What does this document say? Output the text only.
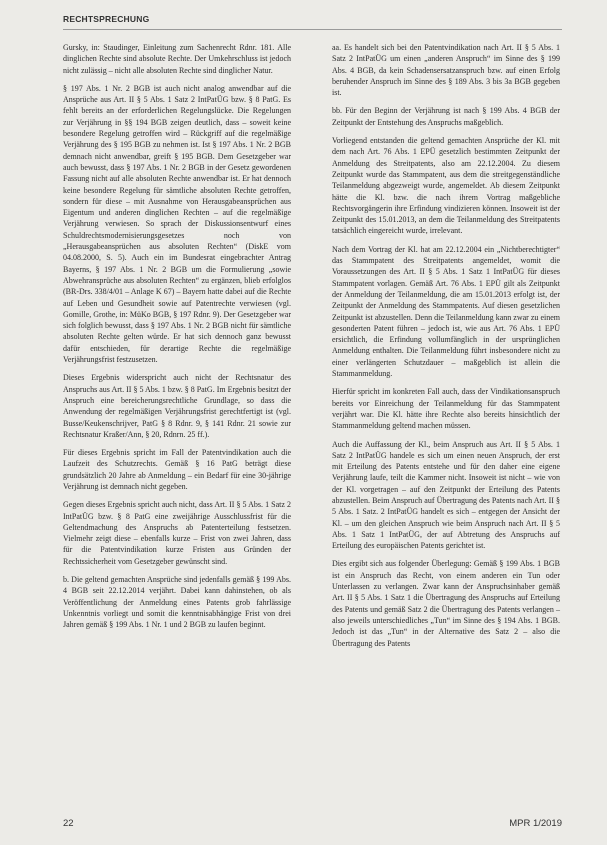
RECHTSPRECHUNG

Gursky, in: Staudinger, Einleitung zum Sachenrecht Rdnr. 181. Alle dinglichen Rechte sind absolute Rechte. Der Umkehrschluss ist jedoch nicht zulässig – nicht alle absoluten Rechte sind dinglicher Natur.

§ 197 Abs. 1 Nr. 2 BGB ist auch nicht analog anwendbar auf die Ansprüche aus Art. II § 5 Abs. 1 Satz 2 IntPatÜG bzw. § 8 PatG. Es fehlt bereits an der erforderlichen Regelungslücke. Die Regelungen zur Verjährung in §§ 194 BGB zeigen deutlich, dass – soweit keine besondere Regelung getroffen wird – Rückgriff auf die regelmäßige Verjährung des § 195 BGB zu nehmen ist. Ist § 197 Abs. 1 Nr. 2 BGB demnach nicht anwendbar, greift § 195 BGB. Dem Gesetzgeber war auch bewusst, dass § 197 Abs. 1 Nr. 2 BGB in der Gesetz gewordenen Fassung nicht auf alle absoluten Rechte anwendbar ist. Er hat dennoch keine besondere Regelung für sämtliche absoluten Rechte getroffen, sondern für diese – mit Ausnahme von Herausgabeansprüchen aus Eigentum und anderen dinglichen Rechten – auf die regelmäßige Verjährung verwiesen. So sprach der Diskussionsentwurf eines Schuldrechtsmodernisierungsgesetzes noch von „Herausgabeansprüchen aus absoluten Rechten“ (DiskE vom 04.08.2000, S. 5). Auch ein im Bundesrat eingebrachter Antrag Bayerns, § 197 Abs. 1 Nr. 2 BGB um die Formulierung „sowie Abwehransprüche aus absoluten Rechten“ zu ergänzen, blieb erfolglos (BR-Drs. 338/4/01 – Anlage K 67) – Bayern hatte dabei auf die Rechte auf Leben und Gesundheit sowie auf Patentrechte verwiesen (vgl. Gomille, Grothe, in: MüKo BGB, § 197 Rdnr. 9). Der Gesetzgeber war sich folglich bewusst, dass § 197 Abs. 1 Nr. 2 BGB nicht für sämtliche absoluten Rechte gelten würde. Er hat sich dennoch ganz bewusst dafür entschieden, für derartige Rechte die regelmäßige Verjährungsfrist festzusetzen.

Dieses Ergebnis widerspricht auch nicht der Rechtsnatur des Anspruchs aus Art. II § 5 Abs. 1 bzw. § 8 PatG. Im Ergebnis besitzt der Anspruch eine bereicherungsrechtliche Grundlage, so dass die Anwendung der regelmäßigen Verjährungsfrist gerechtfertigt ist (vgl. Busse/Keukenschrijver, PatG § 8 Rdnr. 9, § 141 Rdnr. 21 sowie zur Rechtsnatur Kraßer/Ann, § 20, Rdnrn. 25 ff.).

Für dieses Ergebnis spricht im Fall der Patentvindikation auch die Laufzeit des Schutzrechts. Gemäß § 16 PatG beträgt diese grundsätzlich 20 Jahre ab Anmeldung – ein Bedarf für eine 30-jährige Verjährung ist demnach nicht gegeben.

Gegen dieses Ergebnis spricht auch nicht, dass Art. II § 5 Abs. 1 Satz 2 IntPatÜG bzw. § 8 PatG eine zweijährige Ausschlussfrist für die Geltendmachung des Anspruchs ab Patenterteilung festsetzen. Vielmehr zeigt diese – ebenfalls kurze – Frist von zwei Jahren, dass für die Patentvindikation kurze Fristen aus Gründen der Rechtssicherheit vom Gesetzgeber gewünscht sind.

b. Die geltend gemachten Ansprüche sind jedenfalls gemäß § 199 Abs. 4 BGB seit 22.12.2014 verjährt. Dabei kann dahinstehen, ob als Veröffentlichung der Anmeldung eines Patents grob fahrlässige Unkenntnis vorliegt und somit die kenntnisabhängige Frist von drei Jahren gemäß § 199 Abs. 1 Nr. 1 und 2 BGB zu laufen beginnt.

aa. Es handelt sich bei den Patentvindikation nach Art. II § 5 Abs. 1 Satz 2 IntPatÜG um einen „anderen Anspruch“ im Sinne des § 199 Abs. 4 BGB, da kein Schadensersatzanspruch bzw. auf einen Erfolg beruhender Anspruch im Sinne des § 189 Abs. 3 bis 3a BGB gegeben ist.

bb. Für den Beginn der Verjährung ist nach § 199 Abs. 4 BGB der Zeitpunkt der Entstehung des Anspruchs maßgeblich.

Vorliegend entstanden die geltend gemachten Ansprüche der Kl. mit dem nach Art. 76 Abs. 1 EPÜ gesetzlich bestimmten Zeitpunkt der Anmeldung des Streitpatents, also am 22.12.2004. Zu diesem Zeitpunkt wurde das Stammpatent, aus dem die streitgegenständliche Teilanmeldung abgezweigt wurde, angemeldet. Ab diesem Zeitpunkt hätte die Kl. bzw. die nach ihrem Vortrag maßgebliche Rechtsvorgängerin ihre Erfindung vindizieren können. Insoweit ist der Zeitpunkt des 15.01.2013, an dem die Teilanmeldung des Streitpatents tatsächlich eingereicht wurde, irrelevant.

Nach dem Vortrag der Kl. hat am 22.12.2004 ein „Nichtberechtigter“ das Stammpatent des Streitpatents angemeldet, womit die Voraussetzungen des Art. II § 5 Abs. 1 Satz 1 IntPatÜG für dieses Stammpatent vorlagen. Gemäß Art. 76 Abs. 1 EPÜ gilt als Zeitpunkt der Anmeldung der Teilanmeldung, die am 15.01.2013 erfolgt ist, der Zeitpunkt der Anmeldung des Stammpatents. Auf diesen gesetzlichen Zeitpunkt ist abzustellen. Denn die Teilanmeldung kann zwar zu einem gesonderten Patent führen – jedoch ist, wie aus Art. 76 Abs. 1 EPÜ ersichtlich, die Erfindung vollumfänglich in der ursprünglichen Anmeldung enthalten. Die Teilanmeldung führt insbesondere nicht zu einer verlängerten Schutzdauer – maßgeblich ist allein die Stammanmeldung.

Hierfür spricht im konkreten Fall auch, dass der Vindikationsanspruch bereits vor Einreichung der Teilanmeldung für das Stammpatent verjährt war. Die Kl. hätte ihre Rechte also bereits hinsichtlich der Stammanmeldung geltend machen müssen.

Auch die Auffassung der Kl., beim Anspruch aus Art. II § 5 Abs. 1 Satz 2 IntPatÜG handele es sich um einen neuen Anspruch, der erst mit Erteilung des Patents entstehe und für den daher eine eigene Verjährung laufe, teilt die Kammer nicht. Insoweit ist nicht – wie von der Kl. vorgetragen – auf den Zeitpunkt der Erteilung des Patents abzustellen. Beim Anspruch auf Übertragung des Patents nach Art. II § 5 Abs. 1 Satz. 2 IntPatÜG handelt es sich – entgegen der Ansicht der Kl. – um den gleichen Anspruch wie beim Anspruch nach Art. II § 5 Abs. 1 Satz 1 IntPatÜG, der auf Abtretung des Anspruchs auf Erteilung des europäischen Patents gerichtet ist.

Dies ergibt sich aus folgender Überlegung: Gemäß § 199 Abs. 1 BGB ist ein Anspruch das Recht, von einem anderen ein Tun oder Unterlassen zu verlangen. Zwar kann der Anspruchsinhaber gemäß Art. II § 5 Abs. 1 Satz 1 die Übertragung des Anspruchs auf Erteilung des Patents und gemäß Satz 2 die Übertragung des Patents verlangen – also jeweils unterschiedliches „Tun“ im Sinne des § 194 Abs. 1 BGB. Jedoch ist das „Tun“ in der Alternative des Satz 2 – also die Übertragung des Patents

22	MPR 1/2019
